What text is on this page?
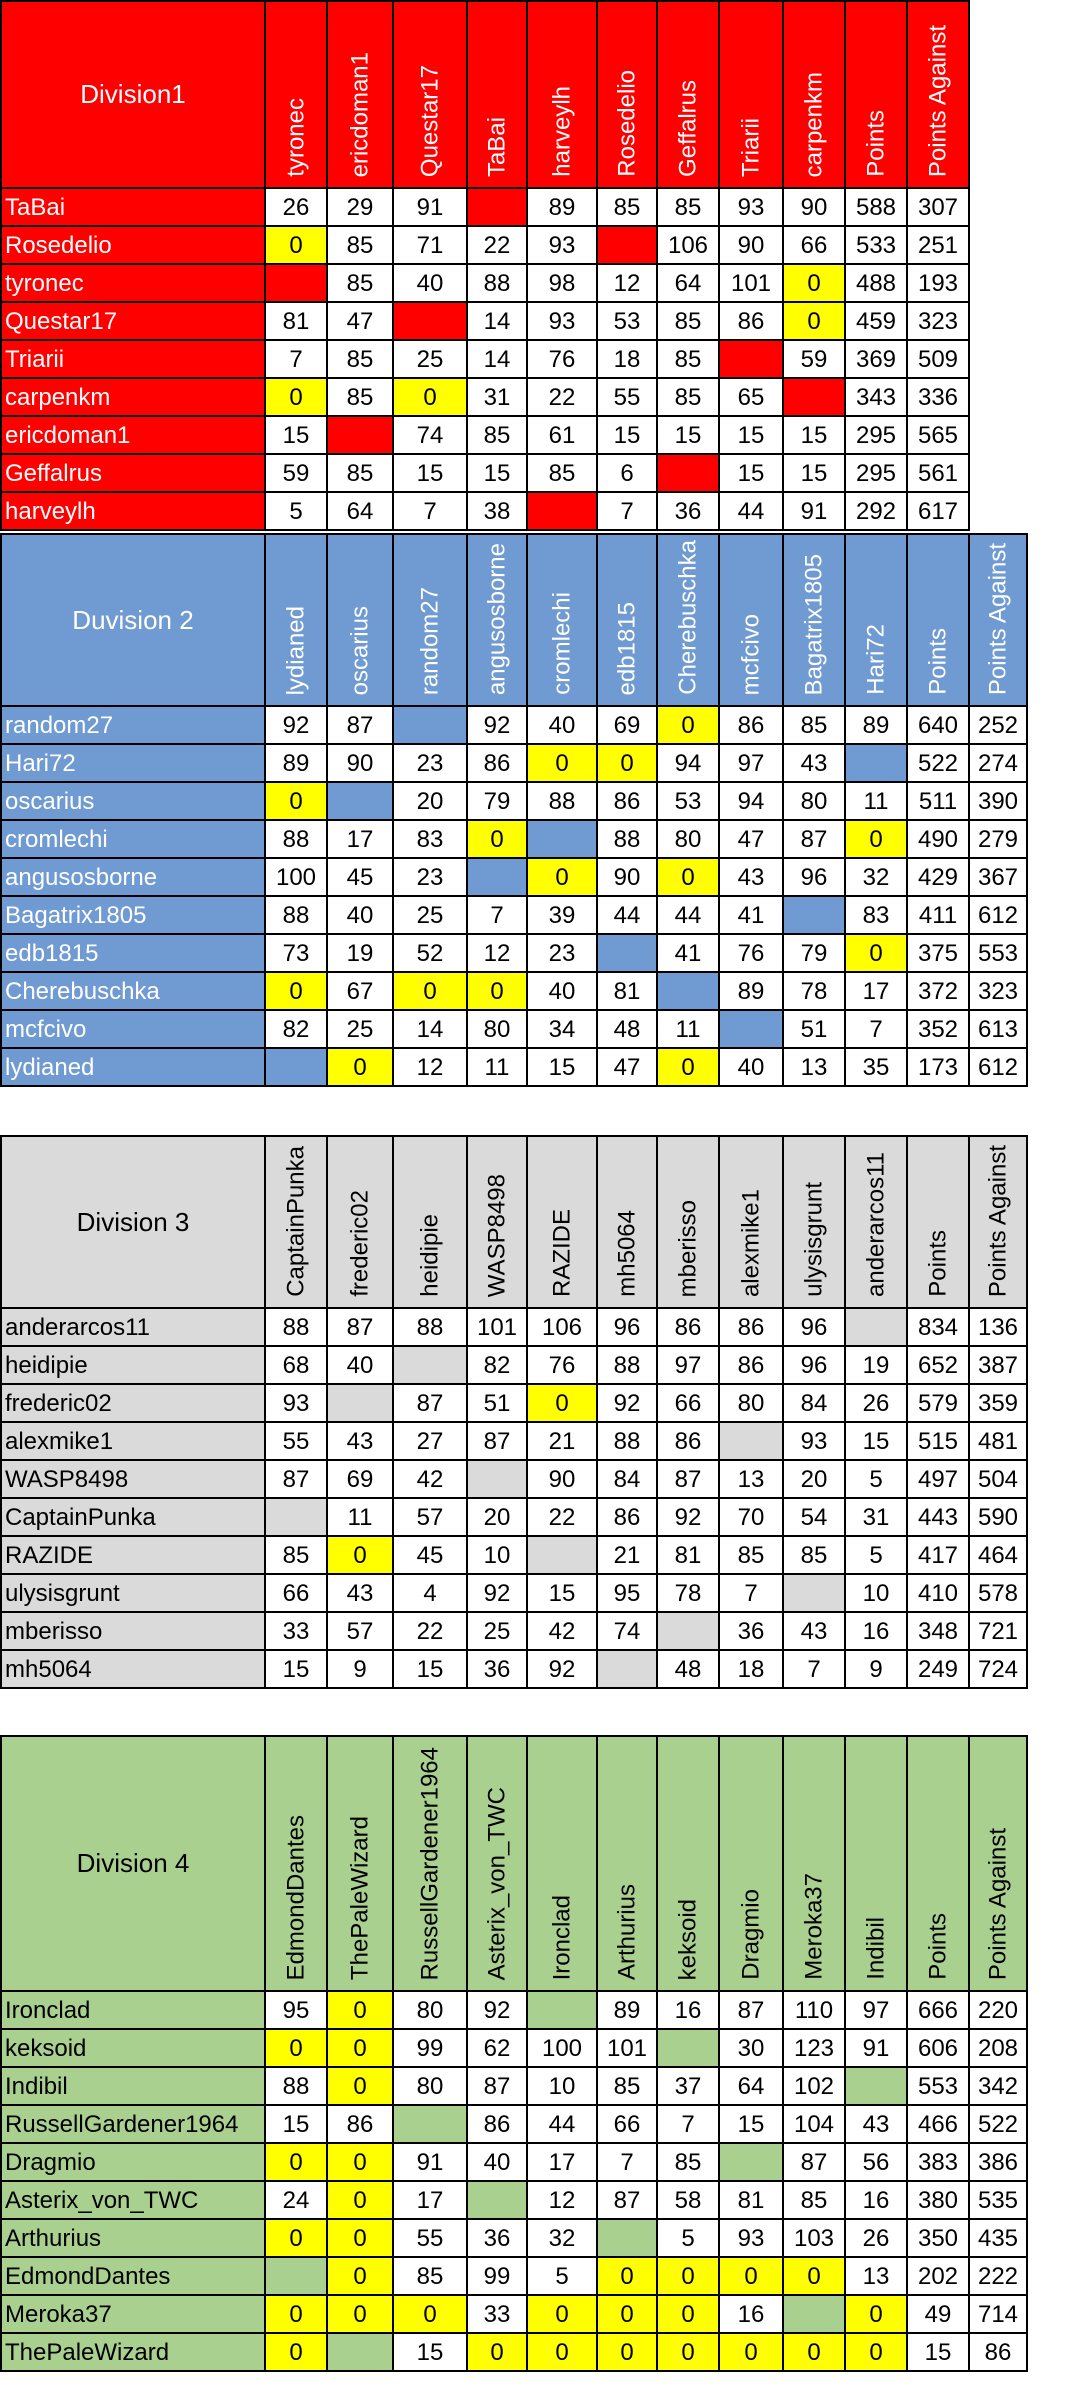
Division1	tyronec	ericdoman1	Questar17	TaBai	harveylh	Rosedelio	Geffalrus	Triarii	carpenkm	Points	Points Against

TaBai	26	29	91		89	85	85	93	90	588	307
Rosedelio	0	85	71	22	93		106	90	66	533	251
tyronec		85	40	88	98	12	64	101	0	488	193
Questar17	81	47		14	93	53	85	86	0	459	323
Triarii	7	85	25	14	76	18	85		59	369	509
carpenkm	0	85	0	31	22	55	85	65		343	336
ericdoman1	15		74	85	61	15	15	15	15	295	565
Geffalrus	59	85	15	15	85	6		15	15	295	561
harveylh	5	64	7	38		7	36	44	91	292	617
Duvision 2	lydianed	oscarius	random27	angusosborne	cromlechi	edb1815	Cherebuschka	mcfcivo	Bagatrix1805	Hari72	Points	Points Against

random27	92	87		92	40	69	0	86	85	89	640	252
Hari72	89	90	23	86	0	0	94	97	43		522	274
oscarius	0		20	79	88	86	53	94	80	11	511	390
cromlechi	88	17	83	0		88	80	47	87	0	490	279
angusosborne	100	45	23		0	90	0	43	96	32	429	367
Bagatrix1805	88	40	25	7	39	44	44	41		83	411	612
edb1815	73	19	52	12	23		41	76	79	0	375	553
Cherebuschka	0	67	0	0	40	81		89	78	17	372	323
mcfcivo	82	25	14	80	34	48	11		51	7	352	613
lydianed		0	12	11	15	47	0	40	13	35	173	612
Division 3	CaptainPunka	frederic02	heidipie	WASP8498	RAZIDE	mh5064	mberisso	alexmike1	ulysisgrunt	anderarcos11	Points	Points Against

anderarcos11	88	87	88	101	106	96	86	86	96		834	136
heidipie	68	40		82	76	88	97	86	96	19	652	387
frederic02	93		87	51	0	92	66	80	84	26	579	359
alexmike1	55	43	27	87	21	88	86		93	15	515	481
WASP8498	87	69	42		90	84	87	13	20	5	497	504
CaptainPunka		11	57	20	22	86	92	70	54	31	443	590
RAZIDE	85	0	45	10		21	81	85	85	5	417	464
ulysisgrunt	66	43	4	92	15	95	78	7		10	410	578
mberisso	33	57	22	25	42	74		36	43	16	348	721
mh5064	15	9	15	36	92		48	18	7	9	249	724
Division 4	EdmondDantes	ThePaleWizard	RussellGardener1964	Asterix_von_TWC	Ironclad	Arthurius	keksoid	Dragmio	Meroka37	Indibil	Points	Points Against

Ironclad	95	0	80	92		89	16	87	110	97	666	220
keksoid	0	0	99	62	100	101		30	123	91	606	208
Indibil	88	0	80	87	10	85	37	64	102		553	342
RussellGardener1964	15	86		86	44	66	7	15	104	43	466	522
Dragmio	0	0	91	40	17	7	85		87	56	383	386
Asterix_von_TWC	24	0	17		12	87	58	81	85	16	380	535
Arthurius	0	0	55	36	32		5	93	103	26	350	435
EdmondDantes		0	85	99	5	0	0	0	0	13	202	222
Meroka37	0	0	0	33	0	0	0	16		0	49	714
ThePaleWizard	0		15	0	0	0	0	0	0	0	15	86
